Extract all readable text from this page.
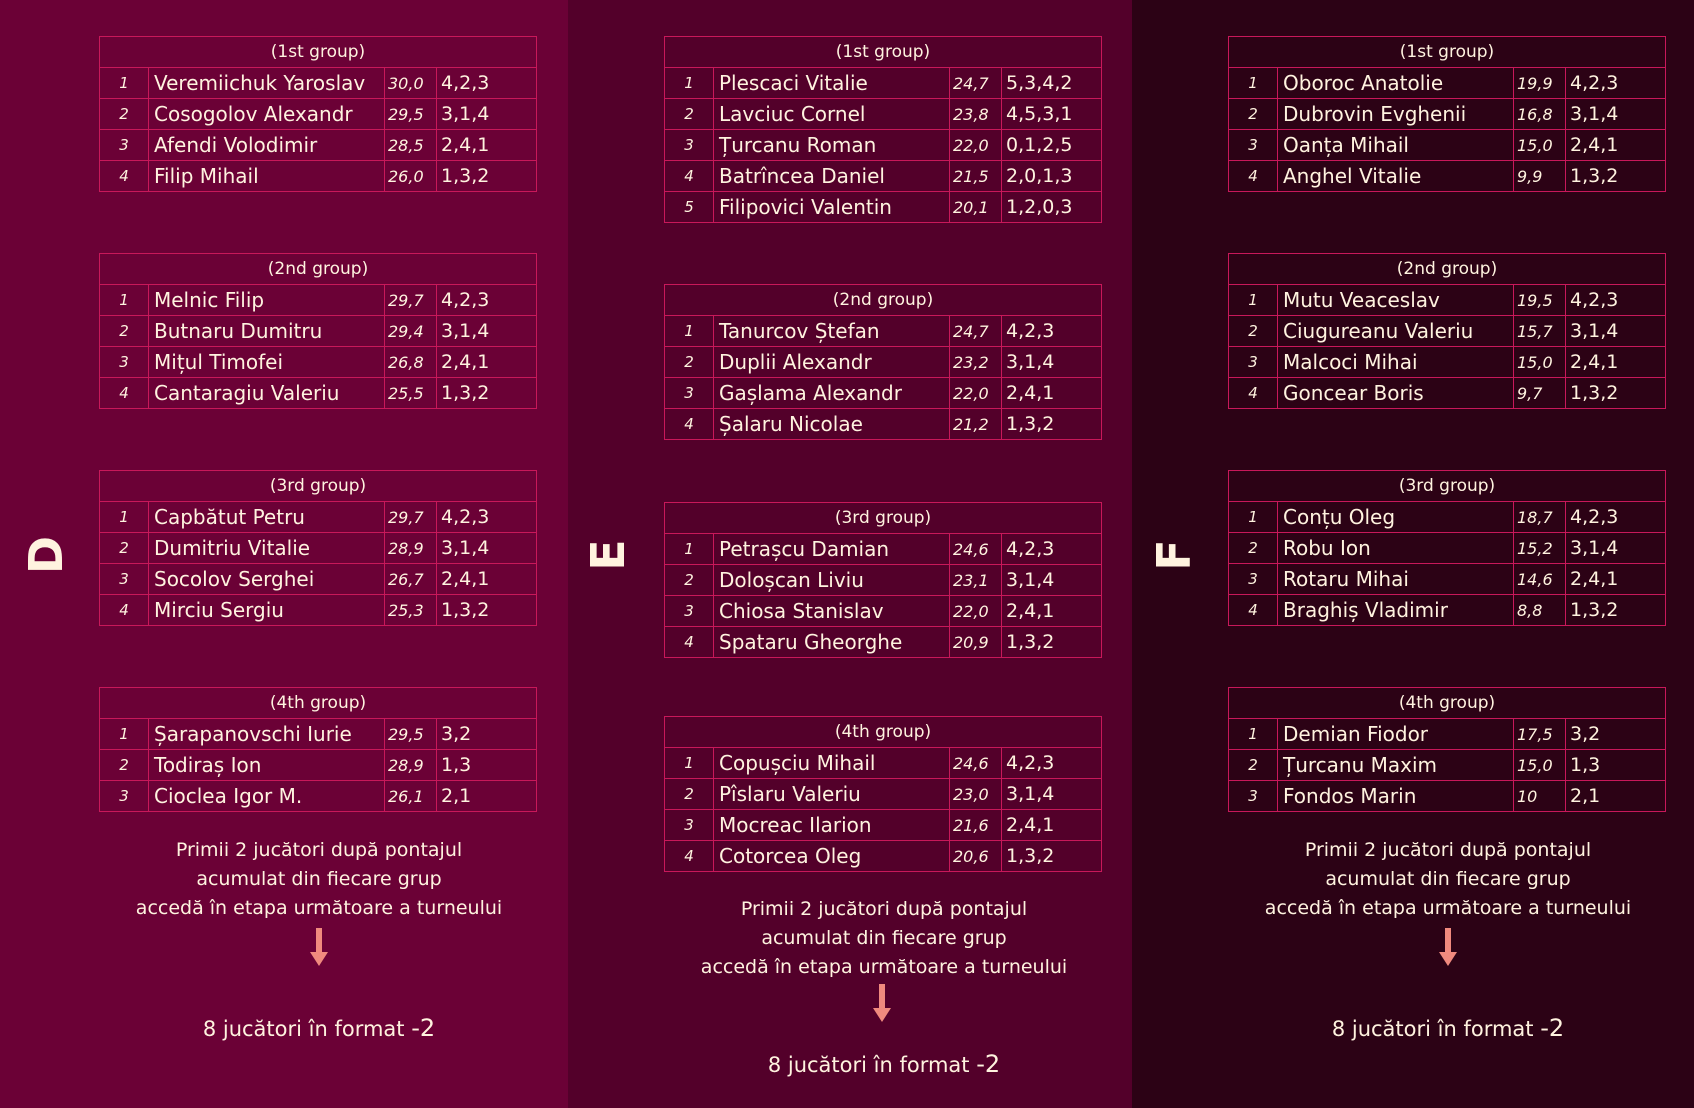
D
(1st group)			
1	Veremiichuk Yaroslav	30,0	4,2,3
2	Cosogolov Alexandr	29,5	3,1,4
3	Afendi Volodimir	28,5	2,4,1
4	Filip Mihail	26,0	1,3,2
(2nd group)			
1	Melnic Filip	29,7	4,2,3
2	Butnaru Dumitru	29,4	3,1,4
3	Mițul Timofei	26,8	2,4,1
4	Cantaragiu Valeriu	25,5	1,3,2
(3rd group)			
1	Capbătut Petru	29,7	4,2,3
2	Dumitriu Vitalie	28,9	3,1,4
3	Socolov Serghei	26,7	2,4,1
4	Mirciu Sergiu	25,3	1,3,2
(4th group)			
1	Șarapanovschi Iurie	29,5	3,2
2	Todiraș Ion	28,9	1,3
3	Cioclea Igor M.	26,1	2,1
Primii 2 jucători după pontajul
acumulat din fiecare grup
accedă în etapa următoare a turneului
8 jucători în format -2
E
(1st group)			
1	Plescaci Vitalie	24,7	5,3,4,2
2	Lavciuc Cornel	23,8	4,5,3,1
3	Țurcanu Roman	22,0	0,1,2,5
4	Batrîncea Daniel	21,5	2,0,1,3
5	Filipovici Valentin	20,1	1,2,0,3
(2nd group)			
1	Tanurcov Ștefan	24,7	4,2,3
2	Duplii Alexandr	23,2	3,1,4
3	Gașlama Alexandr	22,0	2,4,1
4	Șalaru Nicolae	21,2	1,3,2
(3rd group)			
1	Petrașcu Damian	24,6	4,2,3
2	Doloșcan Liviu	23,1	3,1,4
3	Chiosa Stanislav	22,0	2,4,1
4	Spataru Gheorghe	20,9	1,3,2
(4th group)			
1	Copușciu Mihail	24,6	4,2,3
2	Pîslaru Valeriu	23,0	3,1,4
3	Mocreac Ilarion	21,6	2,4,1
4	Cotorcea Oleg	20,6	1,3,2
Primii 2 jucători după pontajul
acumulat din fiecare grup
accedă în etapa următoare a turneului
8 jucători în format -2
F
(1st group)			
1	Oboroc Anatolie	19,9	4,2,3
2	Dubrovin Evghenii	16,8	3,1,4
3	Oanța Mihail	15,0	2,4,1
4	Anghel Vitalie	9,9	1,3,2
(2nd group)			
1	Mutu Veaceslav	19,5	4,2,3
2	Ciugureanu Valeriu	15,7	3,1,4
3	Malcoci Mihai	15,0	2,4,1
4	Goncear Boris	9,7	1,3,2
(3rd group)			
1	Conțu Oleg	18,7	4,2,3
2	Robu Ion	15,2	3,1,4
3	Rotaru Mihai	14,6	2,4,1
4	Braghiș Vladimir	8,8	1,3,2
(4th group)			
1	Demian Fiodor	17,5	3,2
2	Țurcanu Maxim	15,0	1,3
3	Fondos Marin	10	2,1
Primii 2 jucători după pontajul
acumulat din fiecare grup
accedă în etapa următoare a turneului
8 jucători în format -2
